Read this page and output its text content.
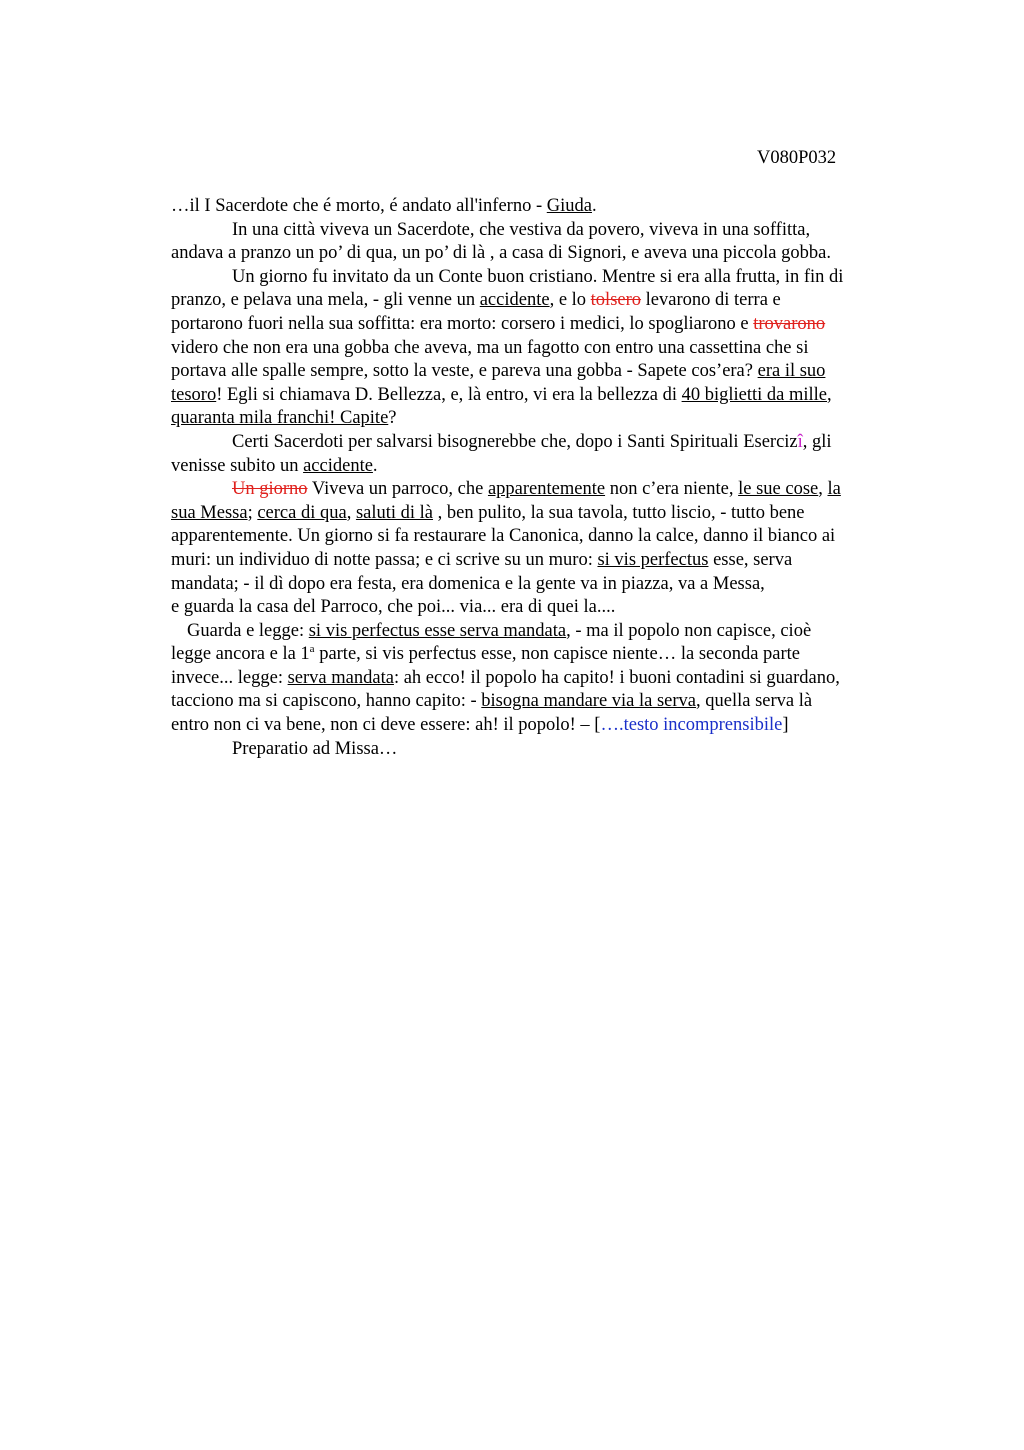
V080P032
…il I Sacerdote che é morto, é andato all'inferno - Giuda.
In una città viveva un Sacerdote, che vestiva da povero, viveva in una soffitta,
andava a pranzo un po’ di qua, un po’ di là , a casa di Signori, e aveva una piccola gobba.
Un giorno fu invitato da un Conte buon cristiano. Mentre si era alla frutta, in fin di
pranzo, e pelava una mela, - gli venne un accidente, e lo tolsero levarono di terra e
portarono fuori nella sua soffitta: era morto: corsero i medici, lo spogliarono e trovarono
videro che non era una gobba che aveva, ma un fagotto con entro una cassettina che si
portava alle spalle sempre, sotto la veste, e pareva una gobba - Sapete cos’era? era il suo
tesoro! Egli si chiamava D. Bellezza, e, là entro, vi era la bellezza di 40 biglietti da mille,
quaranta mila franchi! Capite?
Certi Sacerdoti per salvarsi bisognerebbe che, dopo i Santi Spirituali Esercizî, gli
venisse subito un accidente.
Un giorno Viveva un parroco, che apparentemente non c’era niente, le sue cose, la
sua Messa; cerca di qua, saluti di là , ben pulito, la sua tavola, tutto liscio, - tutto bene
apparentemente. Un giorno si fa restaurare la Canonica, danno la calce, danno il bianco ai
muri: un individuo di notte passa; e ci scrive su un muro: si vis perfectus esse, serva
mandata; - il dì dopo era festa, era domenica e la gente va in piazza, va a Messa,
e guarda la casa del Parroco, che poi... via... era di quei la....
Guarda e legge: si vis perfectus esse serva mandata, - ma il popolo non capisce, cioè
legge ancora e la 1$^a$ parte, si vis perfectus esse, non capisce niente… la seconda parte
invece... legge: serva mandata: ah ecco! il popolo ha capito! i buoni contadini si guardano,
tacciono ma si capiscono, hanno capito: - bisogna mandare via la serva, quella serva là
entro non ci va bene, non ci deve essere: ah! il popolo! – [….testo incomprensibile]
Preparatio ad Missa…
